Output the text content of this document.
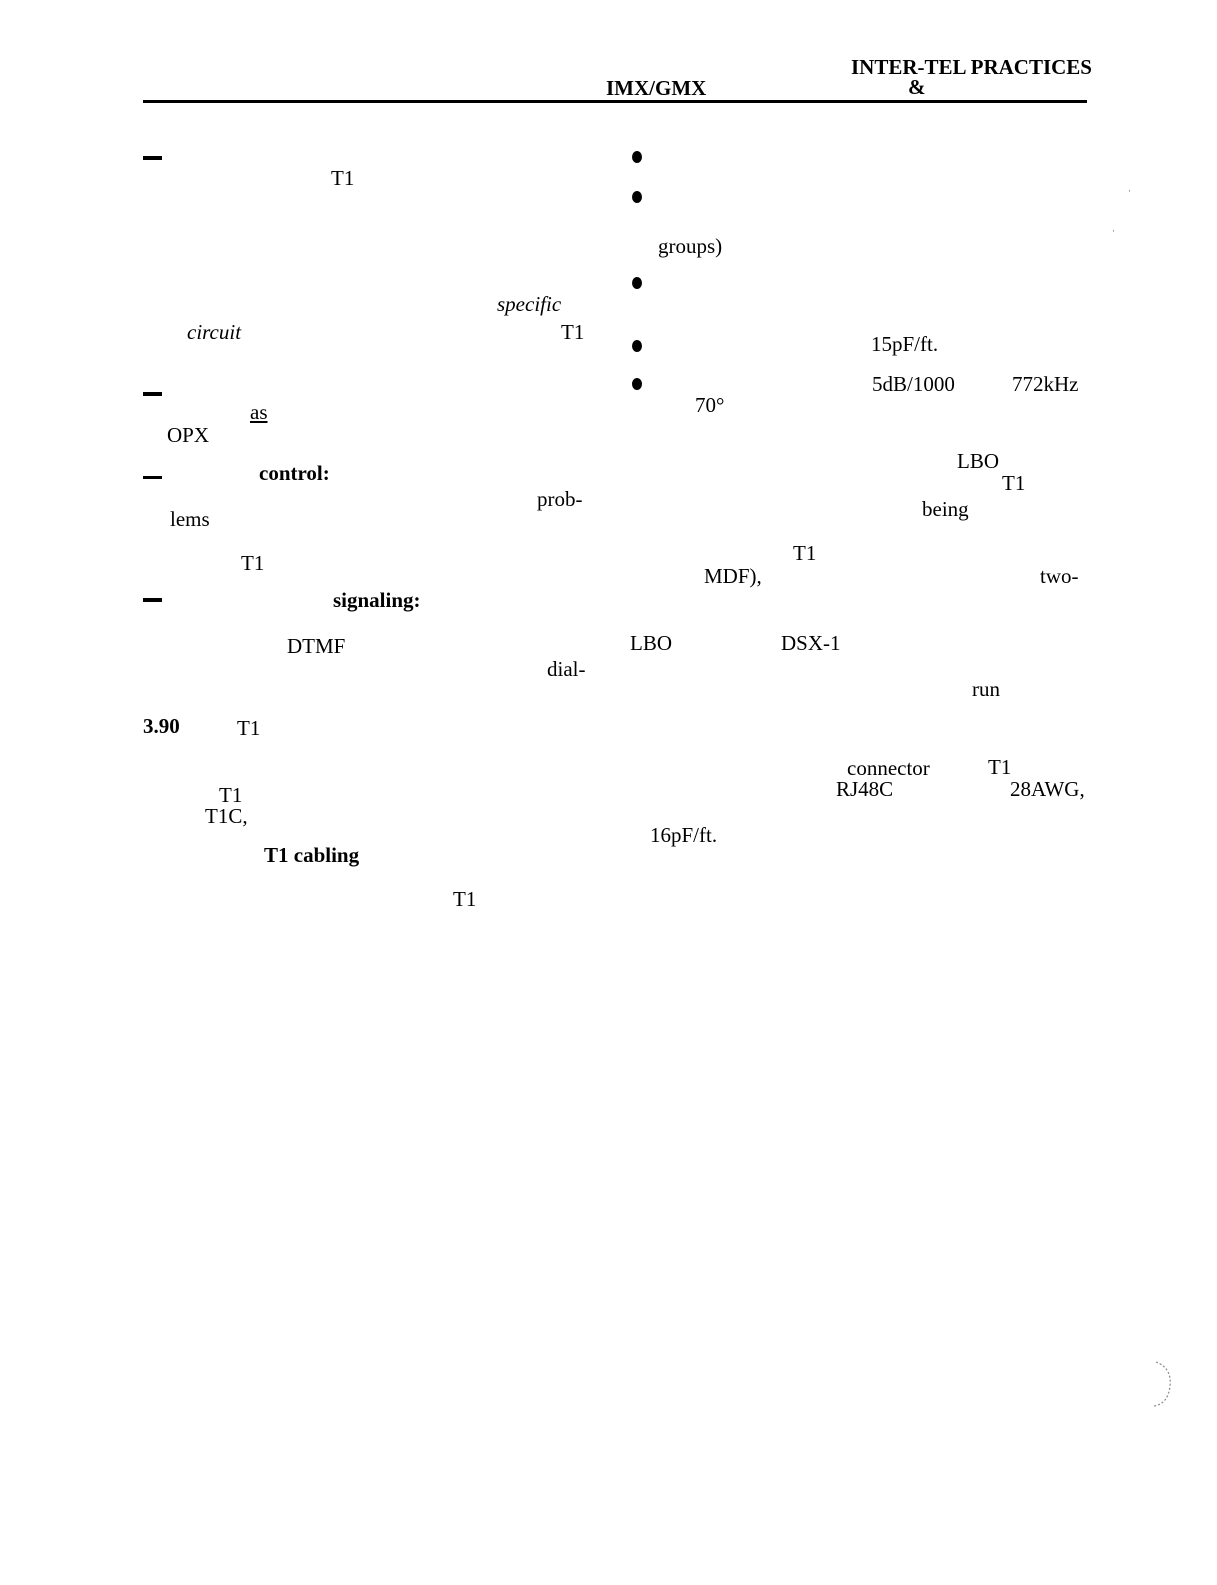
IMX/GMX
INTER-TEL PRACTICES
&
T1
specific
circuit	T1
as
OPX
control:
prob-
lems
T1
signaling:
DTMF
dial-
3.90	T1
T1
T1C,
T1 cabling
T1
groups)
15pF/ft.
5dB/1000	772kHz
70°
LBO
T1
being
T1
MDF),	two-
LBO	DSX-1
run
connector	T1
RJ48C	28AWG,
16pF/ft.
·
·
